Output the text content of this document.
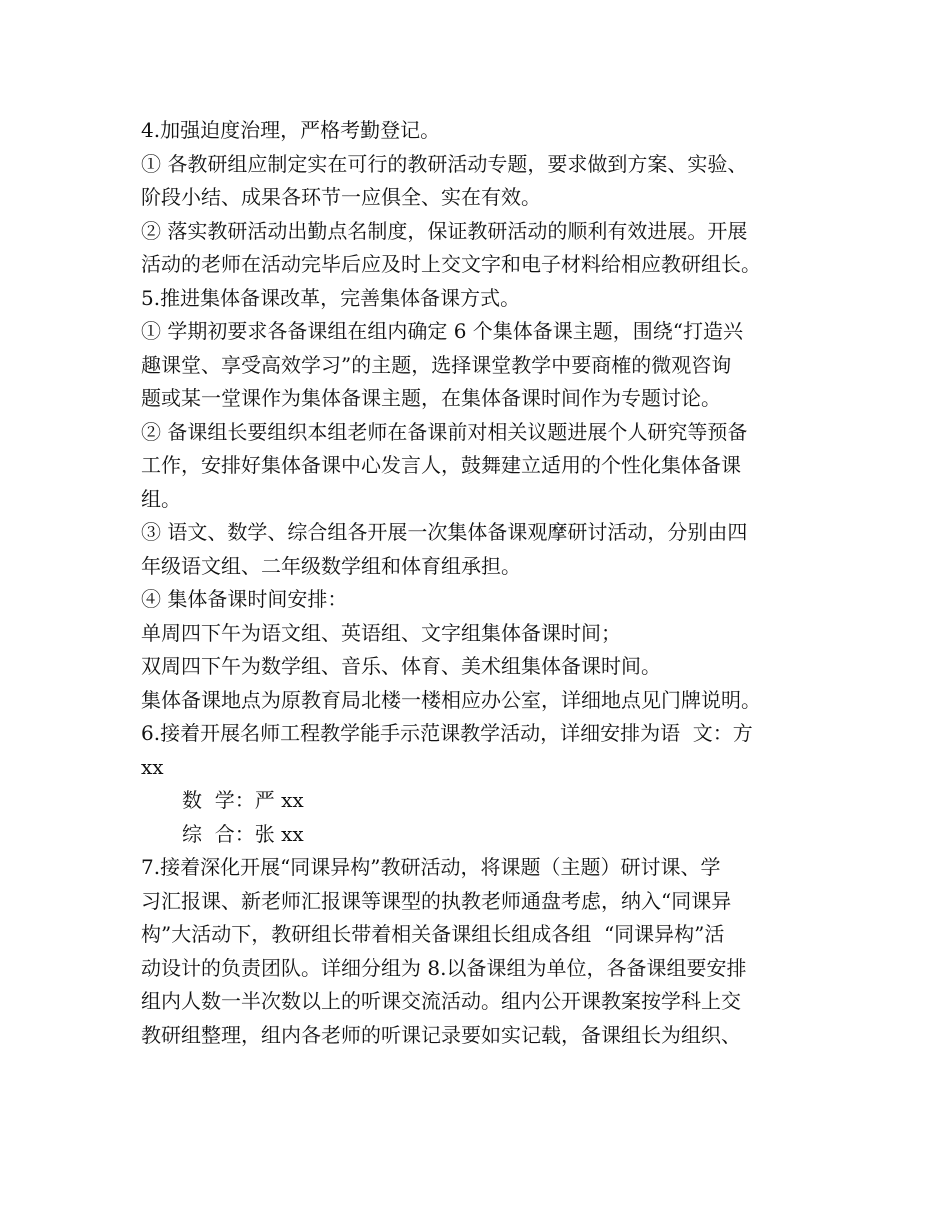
4.加强迫度治理，严格考勤登记。
① 各教研组应制定实在可行的教研活动专题，要求做到方案、实验、
阶段小结、成果各环节一应俱全、实在有效。
② 落实教研活动出勤点名制度，保证教研活动的顺利有效进展。开展
活动的老师在活动完毕后应及时上交文字和电子材料给相应教研组长。
5.推进集体备课改革，完善集体备课方式。
① 学期初要求各备课组在组内确定 6 个集体备课主题，围绕“打造兴
趣课堂、享受高效学习”的主题，选择课堂教学中要商榷的微观咨询
题或某一堂课作为集体备课主题，在集体备课时间作为专题讨论。
② 备课组长要组织本组老师在备课前对相关议题进展个人研究等预备
工作，安排好集体备课中心发言人，鼓舞建立适用的个性化集体备课
组。
③ 语文、数学、综合组各开展一次集体备课观摩研讨活动，分别由四
年级语文组、二年级数学组和体育组承担。
④ 集体备课时间安排：
单周四下午为语文组、英语组、文字组集体备课时间；
双周四下午为数学组、音乐、体育、美术组集体备课时间。
集体备课地点为原教育局北楼一楼相应办公室，详细地点见门牌说明。
6.接着开展名师工程教学能手示范课教学活动，详细安排为语  文：方
xx
数  学：严 xx
综  合：张 xx
7.接着深化开展“同课异构”教研活动，将课题（主题）研讨课、学
习汇报课、新老师汇报课等课型的执教老师通盘考虑，纳入“同课异
构”大活动下，教研组长带着相关备课组长组成各组  “同课异构”活
动设计的负责团队。详细分组为 8.以备课组为单位，各备课组要安排
组内人数一半次数以上的听课交流活动。组内公开课教案按学科上交
教研组整理，组内各老师的听课记录要如实记载，备课组长为组织、
